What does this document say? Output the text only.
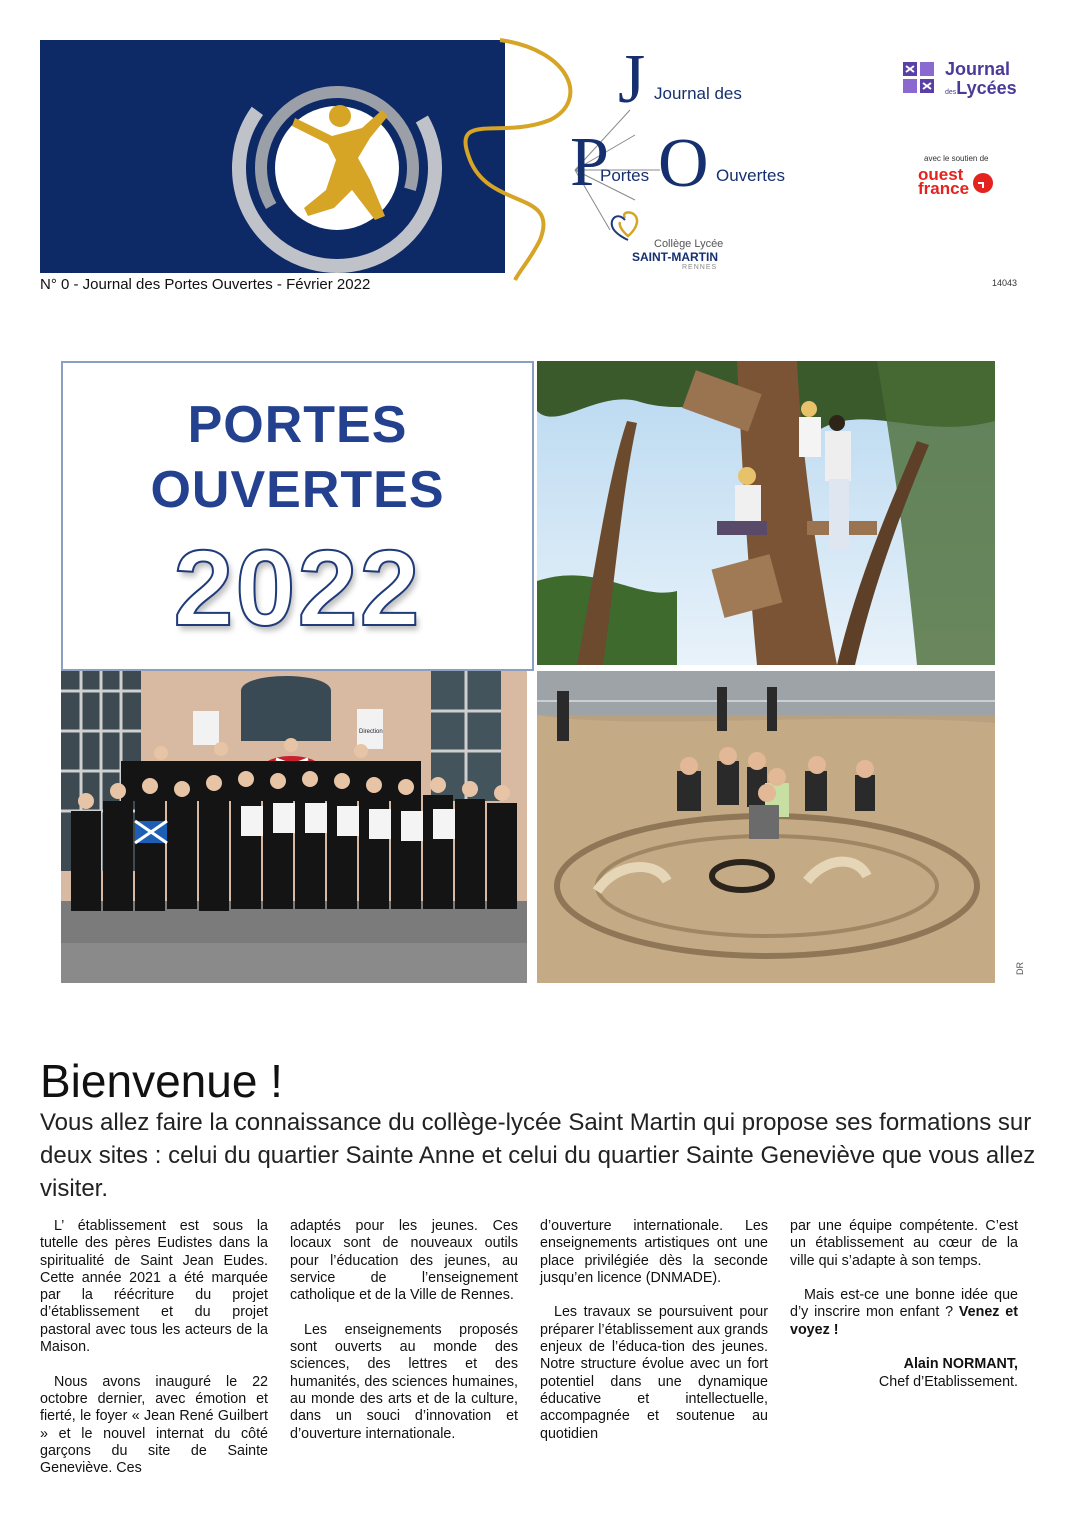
J
P O
Journal des
Portes	Ouvertes
Collège Lycée
SAINT-MARTIN
RENNES
Journal
desLycées
avec le soutien de
ouest
france
N° 0 - Journal des Portes Ouvertes - Février 2022	14043
PORTES
OUVERTES
2022
Direction
DR
Bienvenue !

Vous allez faire la connaissance du collège-lycée Saint Martin qui propose ses formations sur deux sites : celui du quartier Sainte Anne et celui du quartier Sainte Geneviève que vous allez visiter.

L’ établissement est sous la tutelle des pères Eudistes dans la spiritualité de Saint Jean Eudes. Cette année 2021 a été marquée par la réécriture du projet d’établissement et du projet pastoral avec tous les acteurs de la Maison.

Nous avons inauguré le 22 octobre dernier, avec émotion et fierté, le foyer « Jean René Guilbert » et le nouvel internat du côté garçons du site de Sainte Geneviève. Ces

adaptés pour les jeunes. Ces locaux sont de nouveaux outils pour l’éducation des jeunes, au service de l’enseignement catholique et de la Ville de Rennes.

Les enseignements proposés sont ouverts au monde des sciences, des lettres et des humanités, des sciences humaines, au monde des arts et de la culture, dans un souci d’innovation et d’ouverture internationale.

d’ouverture internationale. Les enseignements artistiques ont une place privilégiée dès la seconde jusqu’en licence (DNMADE).

Les travaux se poursuivent pour préparer l’établissement aux grands enjeux de l’éduca-tion des jeunes. Notre structure évolue avec un fort potentiel dans une dynamique éducative et intellectuelle, accompagnée et soutenue au quotidien

par une équipe compétente. C’est un établissement au cœur de la ville qui s’adapte à son temps.

Mais est-ce une bonne idée que d’y inscrire mon enfant ? Venez et voyez !

Alain NORMANT,

Chef d’Etablissement.
